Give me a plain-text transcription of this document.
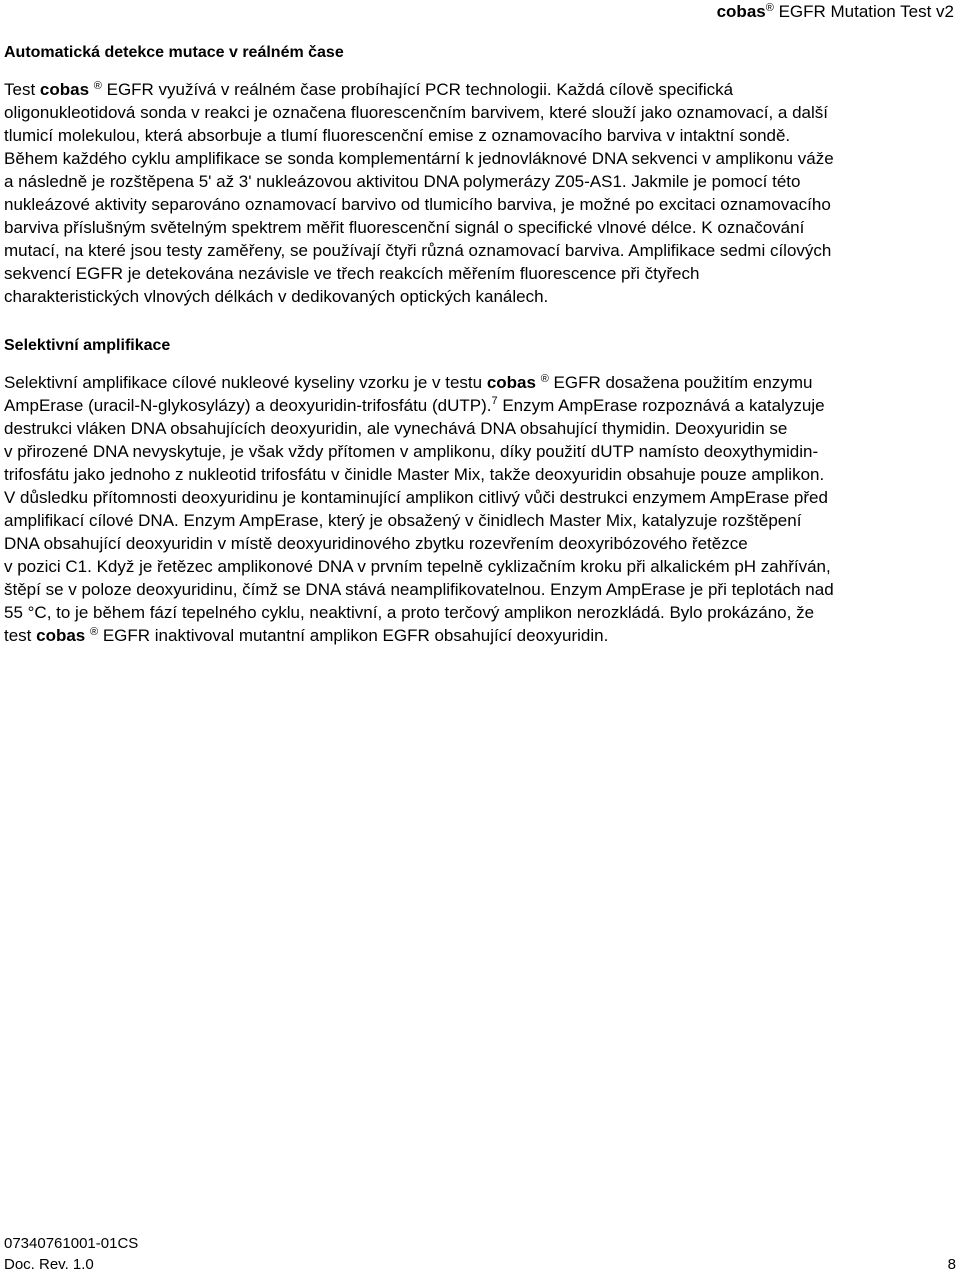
cobas® EGFR Mutation Test v2
Automatická detekce mutace v reálném čase
Test cobas ® EGFR využívá v reálném čase probíhající PCR technologii. Každá cílově specifická
oligonukleotidová sonda v reakci je označena fluorescenčním barvivem, které slouží jako oznamovací, a další
tlumicí molekulou, která absorbuje a tlumí fluorescenční emise z oznamovacího barviva v intaktní sondě.
Během každého cyklu amplifikace se sonda komplementární k jednovláknové DNA sekvenci v amplikonu váže
a následně je rozštěpena 5' až 3' nukleázovou aktivitou DNA polymerázy Z05-AS1. Jakmile je pomocí této
nukleázové aktivity separováno oznamovací barvivo od tlumicího barviva, je možné po excitaci oznamovacího
barviva příslušným světelným spektrem měřit fluorescenční signál o specifické vlnové délce. K označování
mutací, na které jsou testy zaměřeny, se používají čtyři různá oznamovací barviva. Amplifikace sedmi cílových
sekvencí EGFR je detekována nezávisle ve třech reakcích měřením fluorescence při čtyřech
charakteristických vlnových délkách v dedikovaných optických kanálech.
Selektivní amplifikace
Selektivní amplifikace cílové nukleové kyseliny vzorku je v testu cobas ® EGFR dosažena použitím enzymu
AmpErase (uracil-N-glykosylázy) a deoxyuridin-trifosfátu (dUTP).$^7$ Enzym AmpErase rozpoznává a katalyzuje
destrukci vláken DNA obsahujících deoxyuridin, ale vynechává DNA obsahující thymidin. Deoxyuridin se
v přirozené DNA nevyskytuje, je však vždy přítomen v amplikonu, díky použití dUTP namísto deoxythymidin-
trifosfátu jako jednoho z nukleotid trifosfátu v činidle Master Mix, takže deoxyuridin obsahuje pouze amplikon.
V důsledku přítomnosti deoxyuridinu je kontaminující amplikon citlivý vůči destrukci enzymem AmpErase před
amplifikací cílové DNA. Enzym AmpErase, který je obsažený v činidlech Master Mix, katalyzuje rozštěpení
DNA obsahující deoxyuridin v místě deoxyuridinového zbytku rozevřením deoxyribózového řetězce
v pozici C1. Když je řetězec amplikonové DNA v prvním tepelně cyklizačním kroku při alkalickém pH zahříván,
štěpí se v poloze deoxyuridinu, čímž se DNA stává neamplifikovatelnou. Enzym AmpErase je při teplotách nad
55 °C, to je během fází tepelného cyklu, neaktivní, a proto terčový amplikon nerozkládá. Bylo prokázáno, že
test cobas ® EGFR inaktivoval mutantní amplikon EGFR obsahující deoxyuridin.
07340761001-01CS
Doc. Rev. 1.0	8
